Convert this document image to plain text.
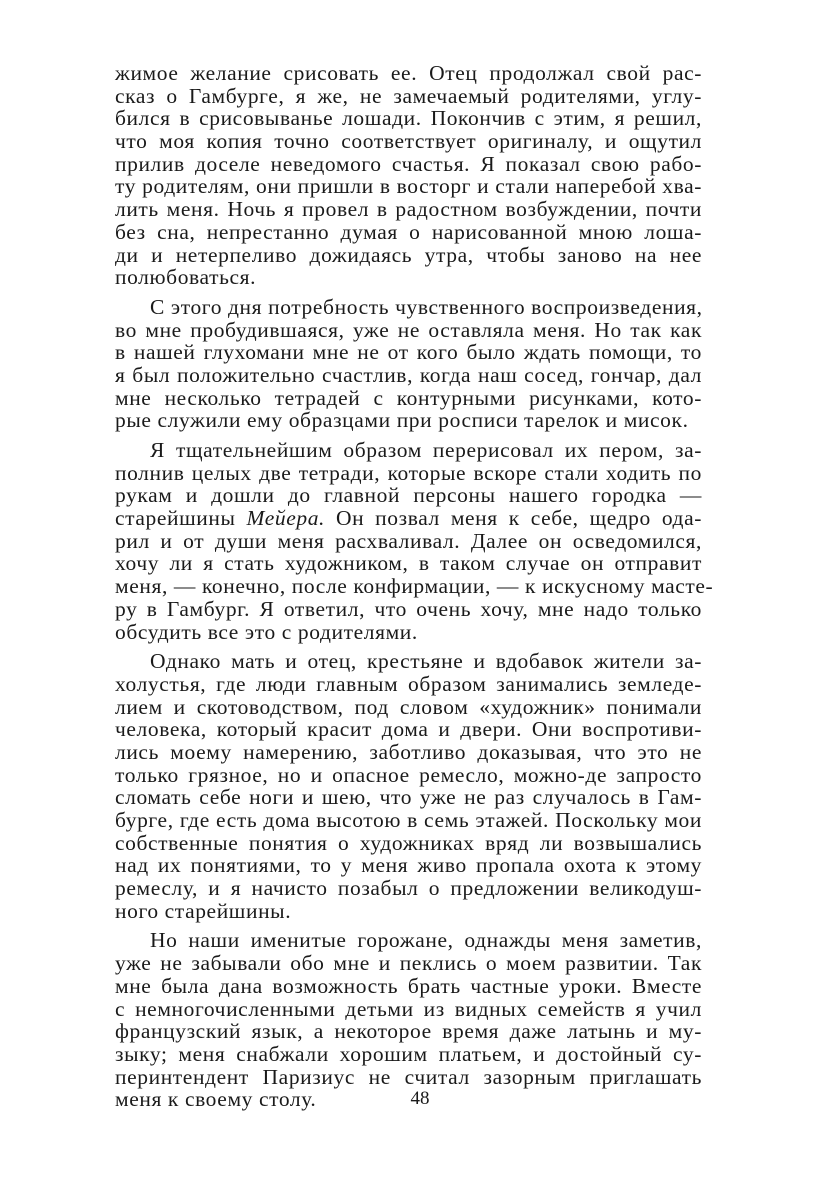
жимое желание срисовать ее. Отец продолжал свой рас-
сказ о Гамбурге, я же, не замечаемый родителями, углу-
бился в срисовыванье лошади. Покончив с этим, я решил,
что моя копия точно соответствует оригиналу, и ощутил
прилив доселе неведомого счастья. Я показал свою рабо-
ту родителям, они пришли в восторг и стали наперебой хва-
лить меня. Ночь я провел в радостном возбуждении, почти
без сна, непрестанно думая о нарисованной мною лоша-
ди и нетерпеливо дожидаясь утра, чтобы заново на нее
полюбоваться.
С этого дня потребность чувственного воспроизведения,
во мне пробудившаяся, уже не оставляла меня. Но так как
в нашей глухомани мне не от кого было ждать помощи, то
я был положительно счастлив, когда наш сосед, гончар, дал
мне несколько тетрадей с контурными рисунками, кото-
рые служили ему образцами при росписи тарелок и мисок.
Я тщательнейшим образом перерисовал их пером, за-
полнив целых две тетради, которые вскоре стали ходить по
рукам и дошли до главной персоны нашего городка —
старейшины Мейера. Он позвал меня к себе, щедро ода-
рил и от души меня расхваливал. Далее он осведомился,
хочу ли я стать художником, в таком случае он отправит
меня, — конечно, после конфирмации, — к искусному масте-
ру в Гамбург. Я ответил, что очень хочу, мне надо только
обсудить все это с родителями.
Однако мать и отец, крестьяне и вдобавок жители за-
холустья, где люди главным образом занимались земледе-
лием и скотоводством, под словом «художник» понимали
человека, который красит дома и двери. Они воспротиви-
лись моему намерению, заботливо доказывая, что это не
только грязное, но и опасное ремесло, можно-де запросто
сломать себе ноги и шею, что уже не раз случалось в Гам-
бурге, где есть дома высотою в семь этажей. Поскольку мои
собственные понятия о художниках вряд ли возвышались
над их понятиями, то у меня живо пропала охота к этому
ремеслу, и я начисто позабыл о предложении великодуш-
ного старейшины.
Но наши именитые горожане, однажды меня заметив,
уже не забывали обо мне и пеклись о моем развитии. Так
мне была дана возможность брать частные уроки. Вместе
с немногочисленными детьми из видных семейств я учил
французский язык, а некоторое время даже латынь и му-
зыку; меня снабжали хорошим платьем, и достойный су-
перинтендент Паризиус не считал зазорным приглашать
меня к своему столу.	48
